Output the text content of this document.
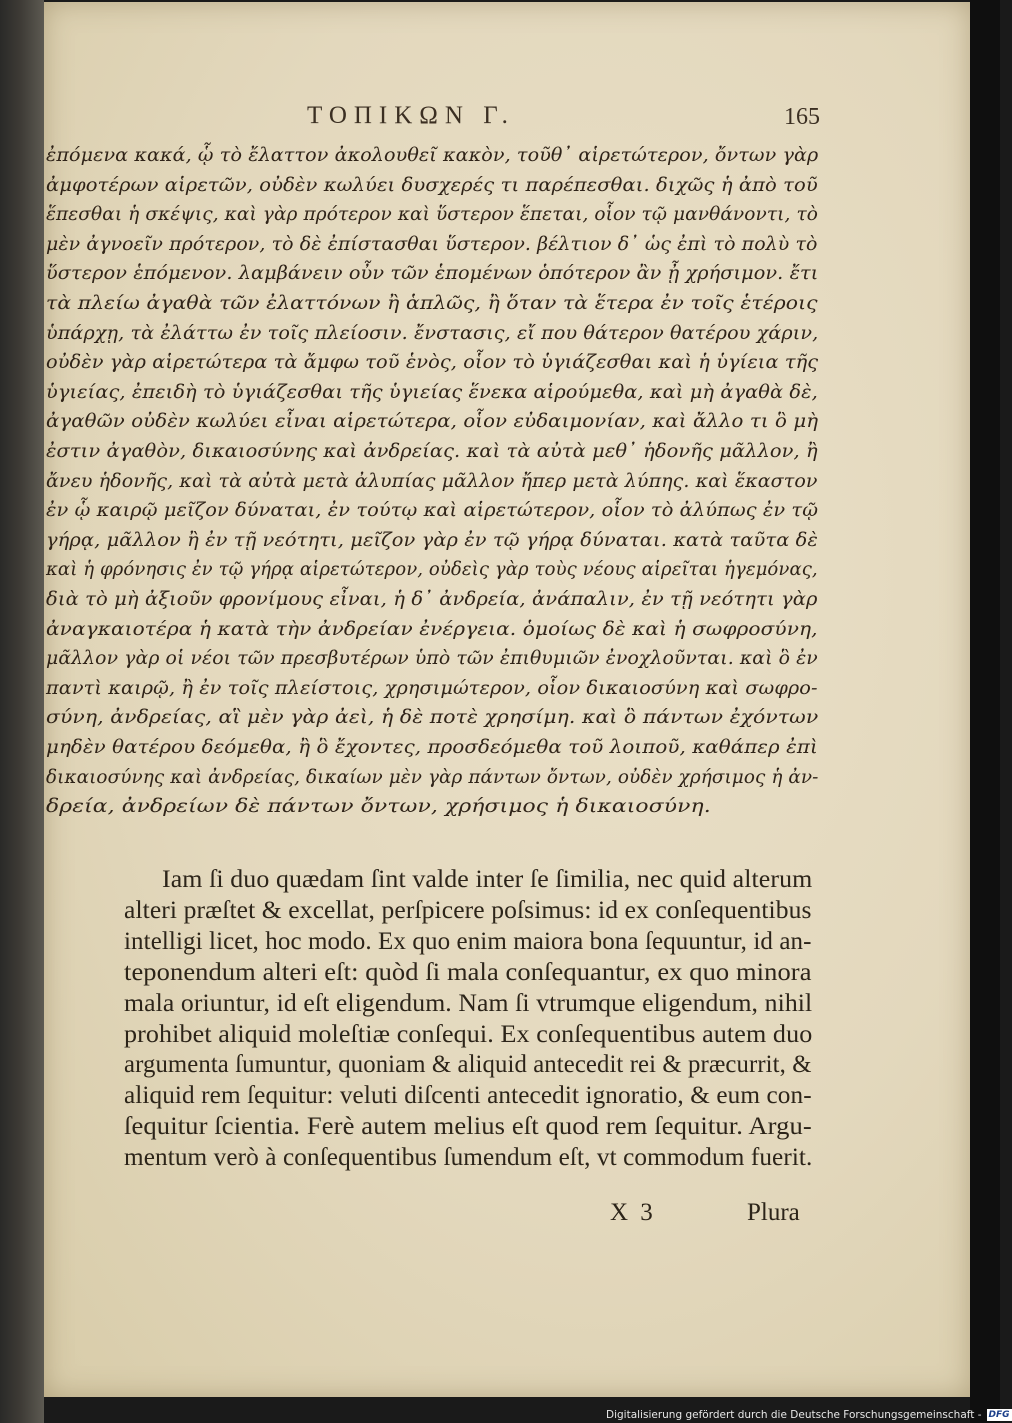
ΤΟΠΙΚΩΝ Γ.	165
ἐπόμενα κακά, ᾧ τὸ ἔλαττον ἀκολουθεῖ κακὸν, τοῦθ᾽ αἱρετώτερον, ὄντων γὰρ
ἀμφοτέρων αἱρετῶν, οὐδὲν κωλύει δυσχερές τι παρέπεσθαι. διχῶς ἡ ἀπὸ τοῦ
ἕπεσθαι ἡ σκέψις, καὶ γὰρ πρότερον καὶ ὕστερον ἕπεται, οἷον τῷ μανθάνοντι, τὸ
μὲν ἀγνοεῖν πρότερον, τὸ δὲ ἐπίστασθαι ὕστερον. βέλτιον δ᾽ ὡς ἐπὶ τὸ πολὺ τὸ
ὕστερον ἑπόμενον. λαμβάνειν οὖν τῶν ἑπομένων ὁπότερον ἂν ᾖ χρήσιμον. ἔτι
τὰ πλείω ἀγαθὰ τῶν ἐλαττόνων ἢ ἁπλῶς, ἢ ὅταν τὰ ἕτερα ἐν τοῖς ἑτέροις
ὑπάρχῃ, τὰ ἐλάττω ἐν τοῖς πλείοσιν. ἔνστασις, εἴ που θάτερον θατέρου χάριν,
οὐδὲν γὰρ αἱρετώτερα τὰ ἄμφω τοῦ ἑνὸς, οἷον τὸ ὑγιάζεσθαι καὶ ἡ ὑγίεια τῆς
ὑγιείας, ἐπειδὴ τὸ ὑγιάζεσθαι τῆς ὑγιείας ἕνεκα αἱρούμεθα, καὶ μὴ ἀγαθὰ δὲ,
ἀγαθῶν οὐδὲν κωλύει εἶναι αἱρετώτερα, οἷον εὐδαιμονίαν, καὶ ἄλλο τι ὃ μὴ
ἐστιν ἀγαθὸν, δικαιοσύνης καὶ ἀνδρείας. καὶ τὰ αὐτὰ μεθ᾽ ἡδονῆς μᾶλλον, ἢ
ἄνευ ἡδονῆς, καὶ τὰ αὐτὰ μετὰ ἀλυπίας μᾶλλον ἤπερ μετὰ λύπης. καὶ ἕκαστον
ἐν ᾧ καιρῷ μεῖζον δύναται, ἐν τούτῳ καὶ αἱρετώτερον, οἷον τὸ ἀλύπως ἐν τῷ
γήρᾳ, μᾶλλον ἢ ἐν τῇ νεότητι, μεῖζον γὰρ ἐν τῷ γήρᾳ δύναται. κατὰ ταῦτα δὲ
καὶ ἡ φρόνησις ἐν τῷ γήρᾳ αἱρετώτερον, οὐδεὶς γὰρ τοὺς νέους αἱρεῖται ἡγεμόνας,
διὰ τὸ μὴ ἀξιοῦν φρονίμους εἶναι, ἡ δ᾽ ἀνδρεία, ἀνάπαλιν, ἐν τῇ νεότητι γὰρ
ἀναγκαιοτέρα ἡ κατὰ τὴν ἀνδρείαν ἐνέργεια. ὁμοίως δὲ καὶ ἡ σωφροσύνη,
μᾶλλον γὰρ οἱ νέοι τῶν πρεσβυτέρων ὑπὸ τῶν ἐπιθυμιῶν ἐνοχλοῦνται. καὶ ὃ ἐν
παντὶ καιρῷ, ἢ ἐν τοῖς πλείστοις, χρησιμώτερον, οἷον δικαιοσύνη καὶ σωφρο-
σύνη, ἀνδρείας, αἳ μὲν γὰρ ἀεὶ, ἡ δὲ ποτὲ χρησίμη. καὶ ὃ πάντων ἐχόντων
μηδὲν θατέρου δεόμεθα, ἢ ὃ ἔχοντες, προσδεόμεθα τοῦ λοιποῦ, καθάπερ ἐπὶ
δικαιοσύνης καὶ ἀνδρείας, δικαίων μὲν γὰρ πάντων ὄντων, οὐδὲν χρήσιμος ἡ ἀν-
δρεία, ἀνδρείων δὲ πάντων ὄντων, χρήσιμος ἡ δικαιοσύνη.
Iam ſi duo quædam ſint valde inter ſe ſimilia, nec quid alterum
alteri præſtet & excellat, perſpicere poſsimus: id ex conſequentibus
intelligi licet, hoc modo. Ex quo enim maiora bona ſequuntur, id an-
teponendum alteri eſt: quòd ſi mala conſequantur, ex quo minora
mala oriuntur, id eſt eligendum. Nam ſi vtrumque eligendum, nihil
prohibet aliquid moleſtiæ conſequi. Ex conſequentibus autem duo
argumenta ſumuntur, quoniam & aliquid antecedit rei & præcurrit, &
aliquid rem ſequitur: veluti diſcenti antecedit ignoratio, & eum con-
ſequitur ſcientia. Ferè autem melius eſt quod rem ſequitur. Argu-
mentum verò à conſequentibus ſumendum eſt, vt commodum fuerit.
X 3	Plura
Digitalisierung gefördert durch die Deutsche Forschungsgemeinschaft - DFG
